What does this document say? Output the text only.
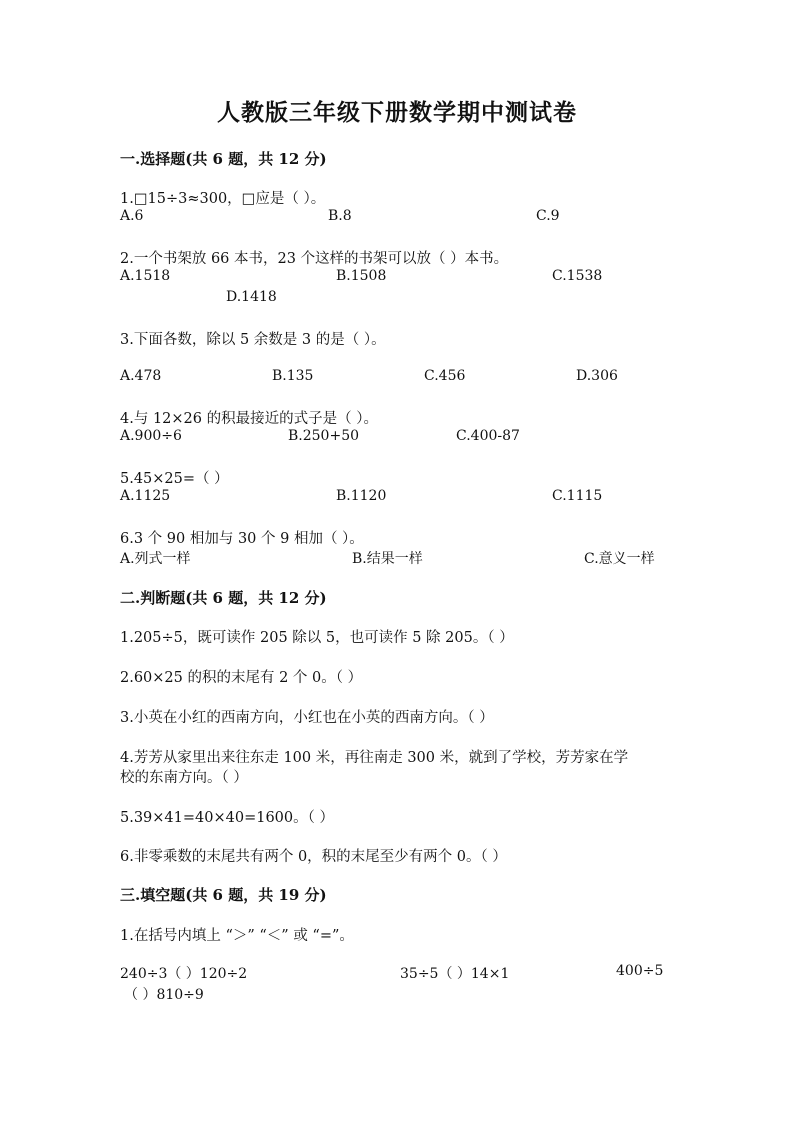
人教版三年级下册数学期中测试卷
一.选择题(共 6 题，共 12 分)
1.□15÷3≈300，□应是（ ）。
A.6	B.8	C.9
2.一个书架放 66 本书，23 个这样的书架可以放（ ）本书。
A.1518	B.1508	C.1538
D.1418
3.下面各数，除以 5 余数是 3 的是（ ）。
A.478	B.135	C.456	D.306
4.与 12×26 的积最接近的式子是（ ）。
A.900÷6	B.250+50	C.400-87
5.45×25=（ ）
A.1125	B.1120	C.1115
6.3 个 90 相加与 30 个 9 相加（ ）。
A.列式一样	B.结果一样	C.意义一样
二.判断题(共 6 题，共 12 分)
1.205÷5，既可读作 205 除以 5，也可读作 5 除 205。（ ）
2.60×25 的积的末尾有 2 个 0。（ ）
3.小英在小红的西南方向，小红也在小英的西南方向。（ ）
4.芳芳从家里出来往东走 100 米，再往南走 300 米，就到了学校，芳芳家在学
校的东南方向。（ ）
5.39×41=40×40=1600。（ ）
6.非零乘数的末尾共有两个 0，积的末尾至少有两个 0。（ ）
三.填空题(共 6 题，共 19 分)
1.在括号内填上 “＞” “＜” 或 “=”。
240÷3（ ）120÷2	35÷5（ ）14×1	400÷5
（ ）810÷9
